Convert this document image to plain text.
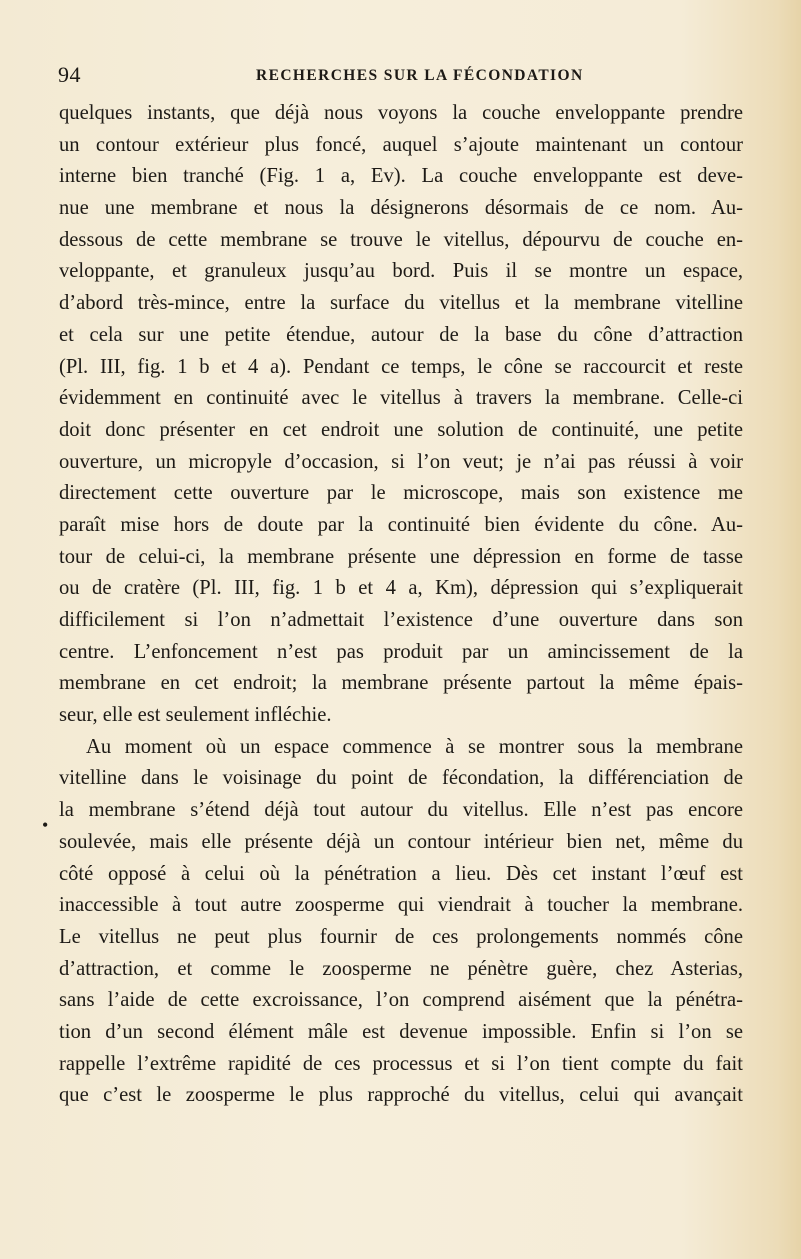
94	RECHERCHES SUR LA FÉCONDATION
•
quelques instants, que déjà nous voyons la couche enveloppante prendre
un contour extérieur plus foncé, auquel s’ajoute maintenant un contour
interne bien tranché (Fig. 1 a, Ev). La couche enveloppante est deve-
nue une membrane et nous la désignerons désormais de ce nom. Au-
dessous de cette membrane se trouve le vitellus, dépourvu de couche en-
veloppante, et granuleux jusqu’au bord. Puis il se montre un espace,
d’abord très-mince, entre la surface du vitellus et la membrane vitelline
et cela sur une petite étendue, autour de la base du cône d’attraction
(Pl. III, fig. 1 b et 4 a). Pendant ce temps, le cône se raccourcit et reste
évidemment en continuité avec le vitellus à travers la membrane. Celle-ci
doit donc présenter en cet endroit une solution de continuité, une petite
ouverture, un micropyle d’occasion, si l’on veut; je n’ai pas réussi à voir
directement cette ouverture par le microscope, mais son existence me
paraît mise hors de doute par la continuité bien évidente du cône. Au-
tour de celui-ci, la membrane présente une dépression en forme de tasse
ou de cratère (Pl. III, fig. 1 b et 4 a, Km), dépression qui s’expliquerait
difficilement si l’on n’admettait l’existence d’une ouverture dans son
centre. L’enfoncement n’est pas produit par un amincissement de la
membrane en cet endroit; la membrane présente partout la même épais-
seur, elle est seulement infléchie.
Au moment où un espace commence à se montrer sous la membrane
vitelline dans le voisinage du point de fécondation, la différenciation de
la membrane s’étend déjà tout autour du vitellus. Elle n’est pas encore
soulevée, mais elle présente déjà un contour intérieur bien net, même du
côté opposé à celui où la pénétration a lieu. Dès cet instant l’œuf est
inaccessible à tout autre zoosperme qui viendrait à toucher la membrane.
Le vitellus ne peut plus fournir de ces prolongements nommés cône
d’attraction, et comme le zoosperme ne pénètre guère, chez Asterias,
sans l’aide de cette excroissance, l’on comprend aisément que la pénétra-
tion d’un second élément mâle est devenue impossible. Enfin si l’on se
rappelle l’extrême rapidité de ces processus et si l’on tient compte du fait
que c’est le zoosperme le plus rapproché du vitellus, celui qui avançait
